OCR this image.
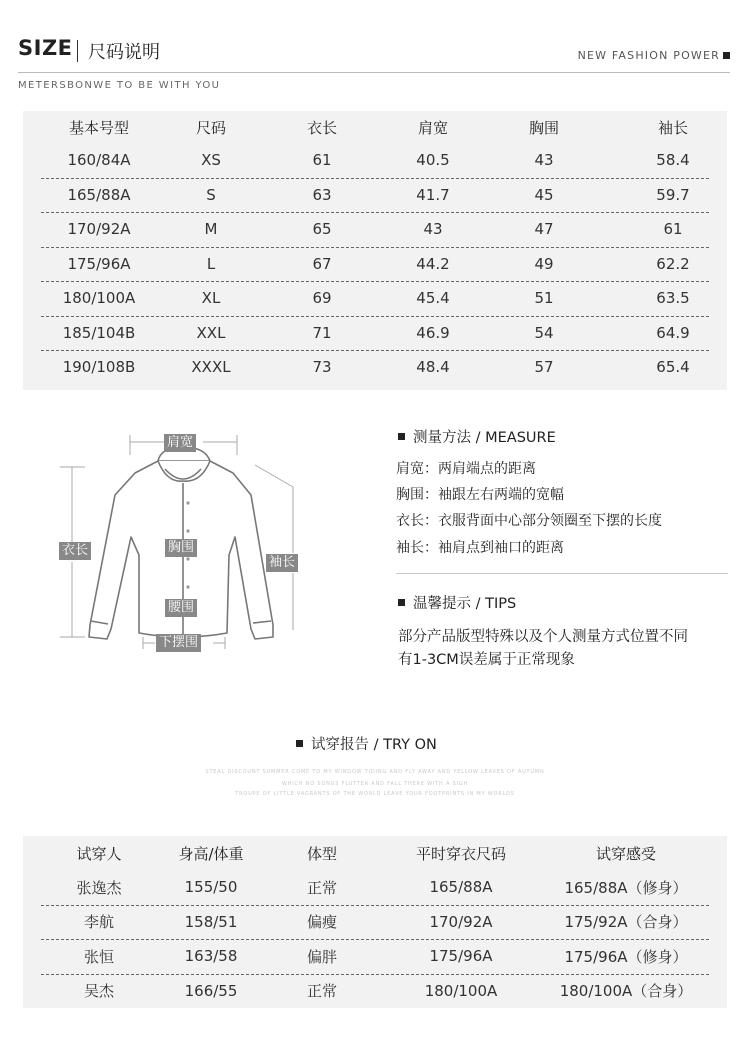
SIZE 尺码说明	NEW FASHION POWER
METERSBONWE TO BE WITH YOU
基本号型	尺码	衣长	肩宽	胸围	袖长
160/84A	XS	61	40.5	43	58.4
165/88A	S	63	41.7	45	59.7
170/92A	M	65	43	47	61
175/96A	L	67	44.2	49	62.2
180/100A	XL	69	45.4	51	63.5
185/104B	XXL	71	46.9	54	64.9
190/108B	XXXL	73	48.4	57	65.4
肩宽
衣长	胸围
袖长
腰围
下摆围
测量方法 / MEASURE
肩宽：两肩端点的距离
胸围：袖跟左右两端的宽幅
衣长：衣服背面中心部分领圈至下摆的长度
袖长：袖肩点到袖口的距离
温馨提示 / TIPS
部分产品版型特殊以及个人测量方式位置不同
有1-3CM误差属于正常现象
试穿报告 / TRY ON
STEAL DISCOUNT SUMMER COME TO MY WINDOW TIDING AND FLY AWAY AND YELLOW LEAVES OF AUTUMN
WHICH NO SONGS FLUTTER AND FALL THERE WITH A SIGH
TROUPE OF LITTLE VAGRANTS OF THE WORLD LEAVE YOUR FOOTPRINTS IN MY WORLDS
试穿人	身高/体重	体型	平时穿衣尺码	试穿感受
张逸杰	155/50	正常	165/88A	165/88A（修身）
李航	158/51	偏瘦	170/92A	175/92A（合身）
张恒	163/58	偏胖	175/96A	175/96A（修身）
吴杰	166/55	正常	180/100A	180/100A（合身）
